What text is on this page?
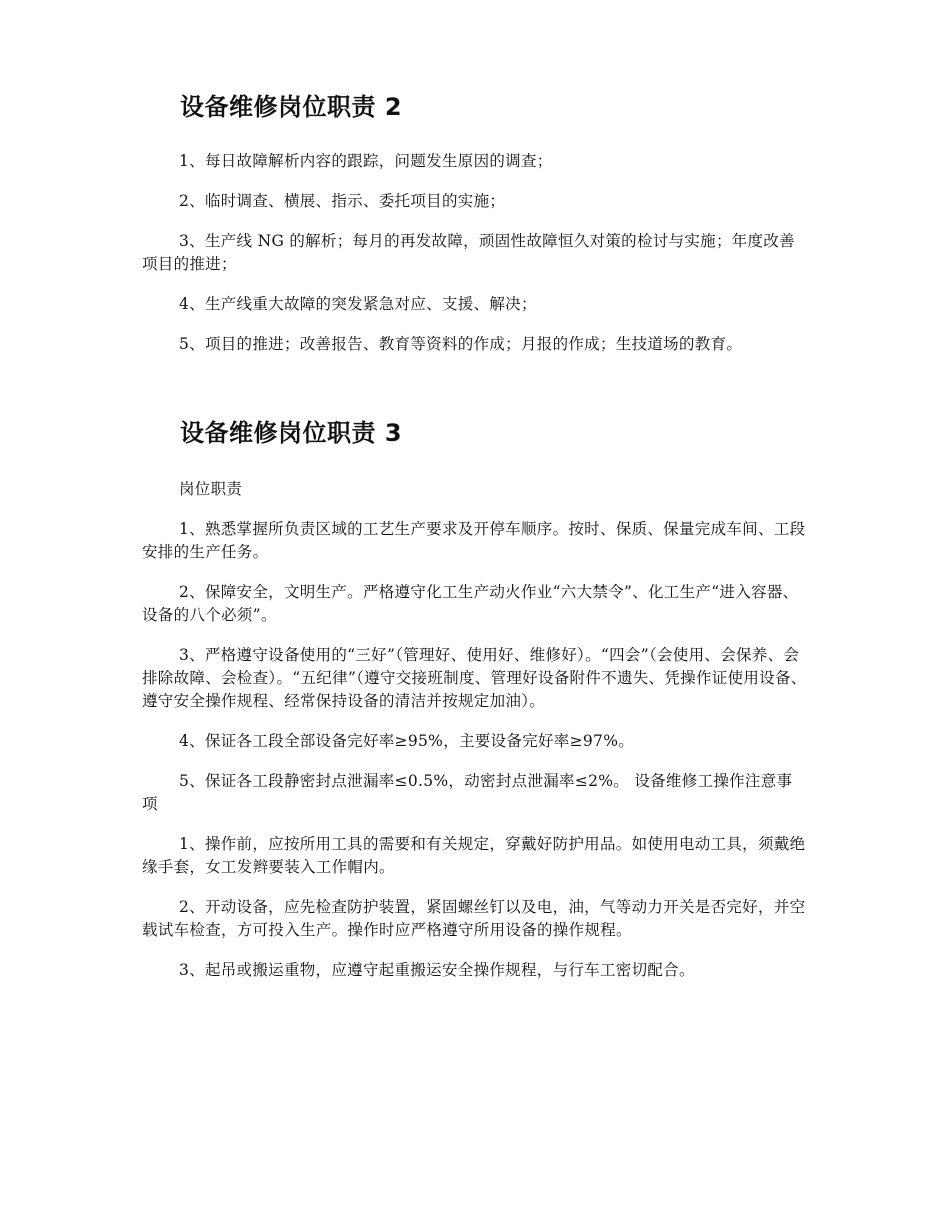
设备维修岗位职责 2

1、每日故障解析内容的跟踪，问题发生原因的调查；

2、临时调查、横展、指示、委托项目的实施；

3、生产线 NG 的解析；每月的再发故障，顽固性故障恒久对策的检讨与实施；年度改善项目的推进；

4、生产线重大故障的突发紧急对应、支援、解决；

5、项目的推进；改善报告、教育等资料的作成；月报的作成；生技道场的教育。

设备维修岗位职责 3

岗位职责

1、熟悉掌握所负责区域的工艺生产要求及开停车顺序。按时、保质、保量完成车间、工段安排的生产任务。

2、保障安全，文明生产。严格遵守化工生产动火作业“六大禁令”、化工生产“进入容器、设备的八个必须”。

3、严格遵守设备使用的“三好”（管理好、使用好、维修好）。“四会”（会使用、会保养、会排除故障、会检查）。“五纪律”（遵守交接班制度、管理好设备附件不遗失、凭操作证使用设备、遵守安全操作规程、经常保持设备的清洁并按规定加油）。

4、保证各工段全部设备完好率≥95%，主要设备完好率≥97%。

5、保证各工段静密封点泄漏率≤0.5%，动密封点泄漏率≤2%。 设备维修工操作注意事项

1、操作前，应按所用工具的需要和有关规定，穿戴好防护用品。如使用电动工具，须戴绝缘手套，女工发辫要装入工作帽内。

2、开动设备，应先检查防护装置，紧固螺丝钉以及电，油，气等动力开关是否完好，并空载试车检查，方可投入生产。操作时应严格遵守所用设备的操作规程。

3、起吊或搬运重物，应遵守起重搬运安全操作规程，与行车工密切配合。
